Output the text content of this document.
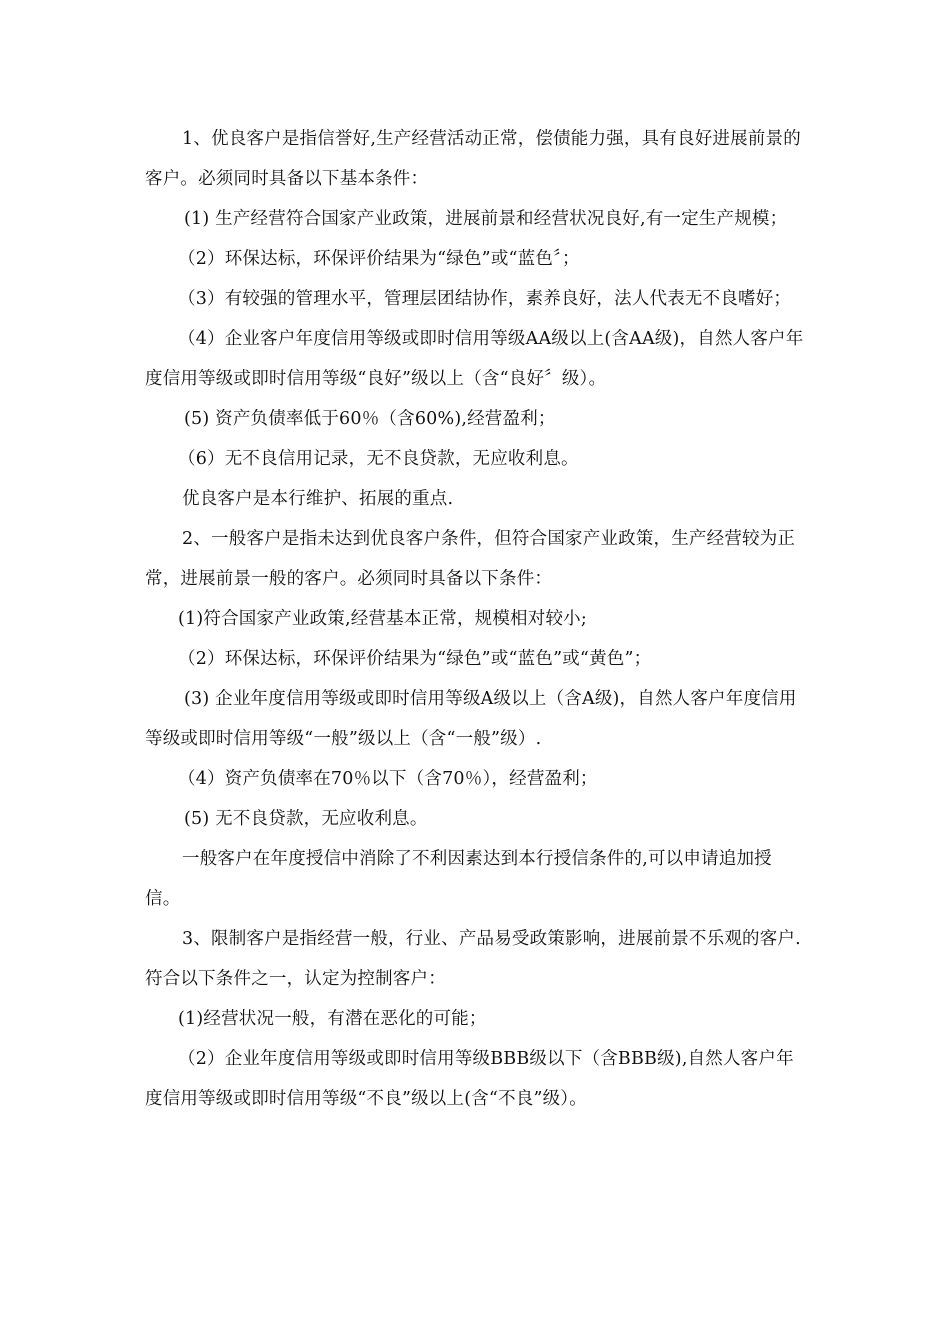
1、优良客户是指信誉好,生产经营活动正常，偿债能力强，具有良好进展前景的客户。必须同时具备以下基本条件：

(1) 生产经营符合国家产业政策，进展前景和经营状况良好,有一定生产规模；

（2）环保达标，环保评价结果为“绿色”或“蓝色〞；

（3）有较强的管理水平，管理层团结协作，素养良好，法人代表无不良嗜好；

（4）企业客户年度信用等级或即时信用等级AA级以上(含AA级)，自然人客户年度信用等级或即时信用等级“良好”级以上（含“良好〞级）。

(5) 资产负债率低于60％（含60%),经营盈利；

（6）无不良信用记录，无不良贷款，无应收利息。

优良客户是本行维护、拓展的重点.

2、一般客户是指未达到优良客户条件，但符合国家产业政策，生产经营较为正常，进展前景一般的客户。必须同时具备以下条件：

(1)符合国家产业政策,经营基本正常，规模相对较小;

（2）环保达标，环保评价结果为“绿色”或“蓝色”或“黄色”；

(3) 企业年度信用等级或即时信用等级A级以上（含A级)，自然人客户年度信用等级或即时信用等级“一般”级以上（含“一般”级）.

（4）资产负债率在70％以下（含70％），经营盈利；

(5) 无不良贷款，无应收利息。

一般客户在年度授信中消除了不利因素达到本行授信条件的,可以申请追加授信。

3、限制客户是指经营一般，行业、产品易受政策影响，进展前景不乐观的客户.符合以下条件之一，认定为控制客户：

(1)经营状况一般，有潜在恶化的可能；

（2）企业年度信用等级或即时信用等级BBB级以下（含BBB级),自然人客户年度信用等级或即时信用等级“不良”级以上(含“不良”级）。
